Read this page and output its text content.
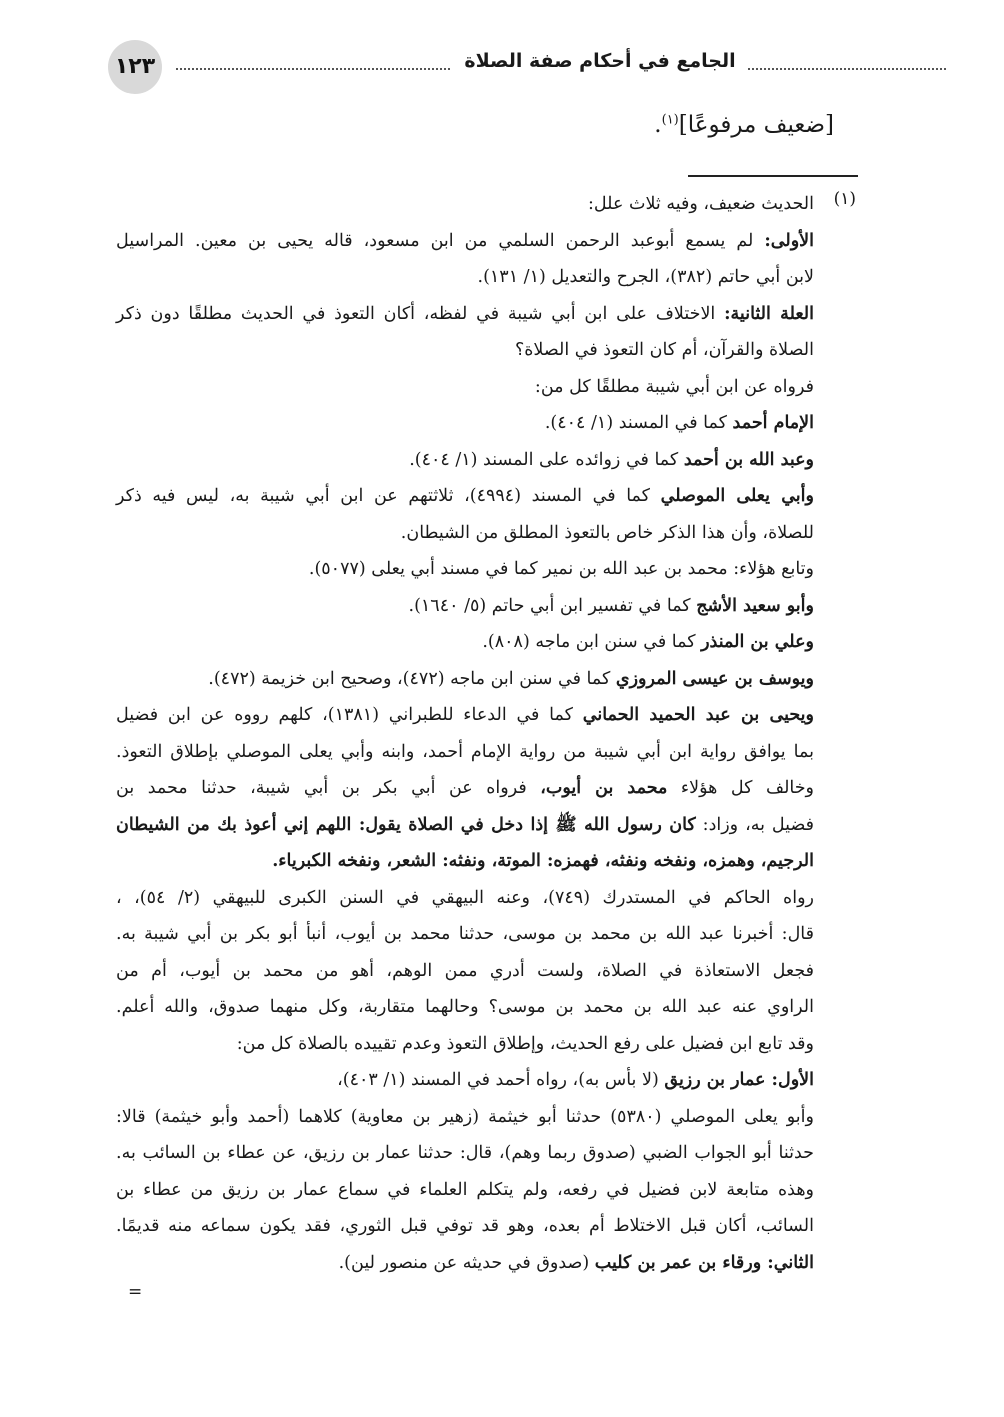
١٢٣	الجامع في أحكام صفة الصلاة
[ضعيف مرفوعًا]$^{(١)}$.
(١)
الحديث ضعيف، وفيه ثلاث علل:
الأولى: لم يسمع أبوعبد الرحمن السلمي من ابن مسعود، قاله يحيى بن معين. المراسيل
لابن أبي حاتم (٣٨٢)، الجرح والتعديل (١/ ١٣١).
العلة الثانية: الاختلاف على ابن أبي شيبة في لفظه، أكان التعوذ في الحديث مطلقًا دون ذكر
الصلاة والقرآن، أم كان التعوذ في الصلاة؟
فرواه عن ابن أبي شيبة مطلقًا كل من:
الإمام أحمد كما في المسند (١/ ٤٠٤).
وعبد الله بن أحمد كما في زوائده على المسند (١/ ٤٠٤).
وأبي يعلى الموصلي كما في المسند (٤٩٩٤)، ثلاثتهم عن ابن أبي شيبة به، ليس فيه ذكر
للصلاة، وأن هذا الذكر خاص بالتعوذ المطلق من الشيطان.
وتابع هؤلاء: محمد بن عبد الله بن نمير كما في مسند أبي يعلى (٥٠٧٧).
وأبو سعيد الأشج كما في تفسير ابن أبي حاتم (٥/ ١٦٤٠).
وعلي بن المنذر كما في سنن ابن ماجه (٨٠٨).
ويوسف بن عيسى المروزي كما في سنن ابن ماجه (٤٧٢)، وصحيح ابن خزيمة (٤٧٢).
ويحيى بن عبد الحميد الحماني كما في الدعاء للطبراني (١٣٨١)، كلهم رووه عن ابن فضيل
بما يوافق رواية ابن أبي شيبة من رواية الإمام أحمد، وابنه وأبي يعلى الموصلي بإطلاق التعوذ.
وخالف كل هؤلاء محمد بن أيوب، فرواه عن أبي بكر بن أبي شيبة، حدثنا محمد بن
فضيل به، وزاد: كان رسول الله ﷺ إذا دخل في الصلاة يقول: اللهم إني أعوذ بك من الشيطان
الرجيم، وهمزه، ونفخه ونفثه، فهمزه: الموتة، ونفثه: الشعر، ونفخه الكبرياء.
رواه الحاكم في المستدرك (٧٤٩)، وعنه البيهقي في السنن الكبرى للبيهقي (٢/ ٥٤)، ،
قال: أخبرنا عبد الله بن محمد بن موسى، حدثنا محمد بن أيوب، أنبأ أبو بكر بن أبي شيبة به.
فجعل الاستعاذة في الصلاة، ولست أدري ممن الوهم، أهو من محمد بن أيوب، أم من
الراوي عنه عبد الله بن محمد بن موسى؟ وحالهما متقاربة، وكل منهما صدوق، والله أعلم.
وقد تابع ابن فضيل على رفع الحديث، وإطلاق التعوذ وعدم تقييده بالصلاة كل من:
الأول: عمار بن رزيق (لا بأس به)، رواه أحمد في المسند (١/ ٤٠٣)،
وأبو يعلى الموصلي (٥٣٨٠) حدثنا أبو خيثمة (زهير بن معاوية) كلاهما (أحمد وأبو خيثمة) قالا:
حدثنا أبو الجواب الضبي (صدوق ربما وهم)، قال: حدثنا عمار بن رزيق، عن عطاء بن السائب به.
وهذه متابعة لابن فضيل في رفعه، ولم يتكلم العلماء في سماع عمار بن رزيق من عطاء بن
السائب، أكان قبل الاختلاط أم بعده، وهو قد توفي قبل الثوري، فقد يكون سماعه منه قديمًا.
الثاني: ورقاء بن عمر بن كليب (صدوق في حديثه عن منصور لين).
=
